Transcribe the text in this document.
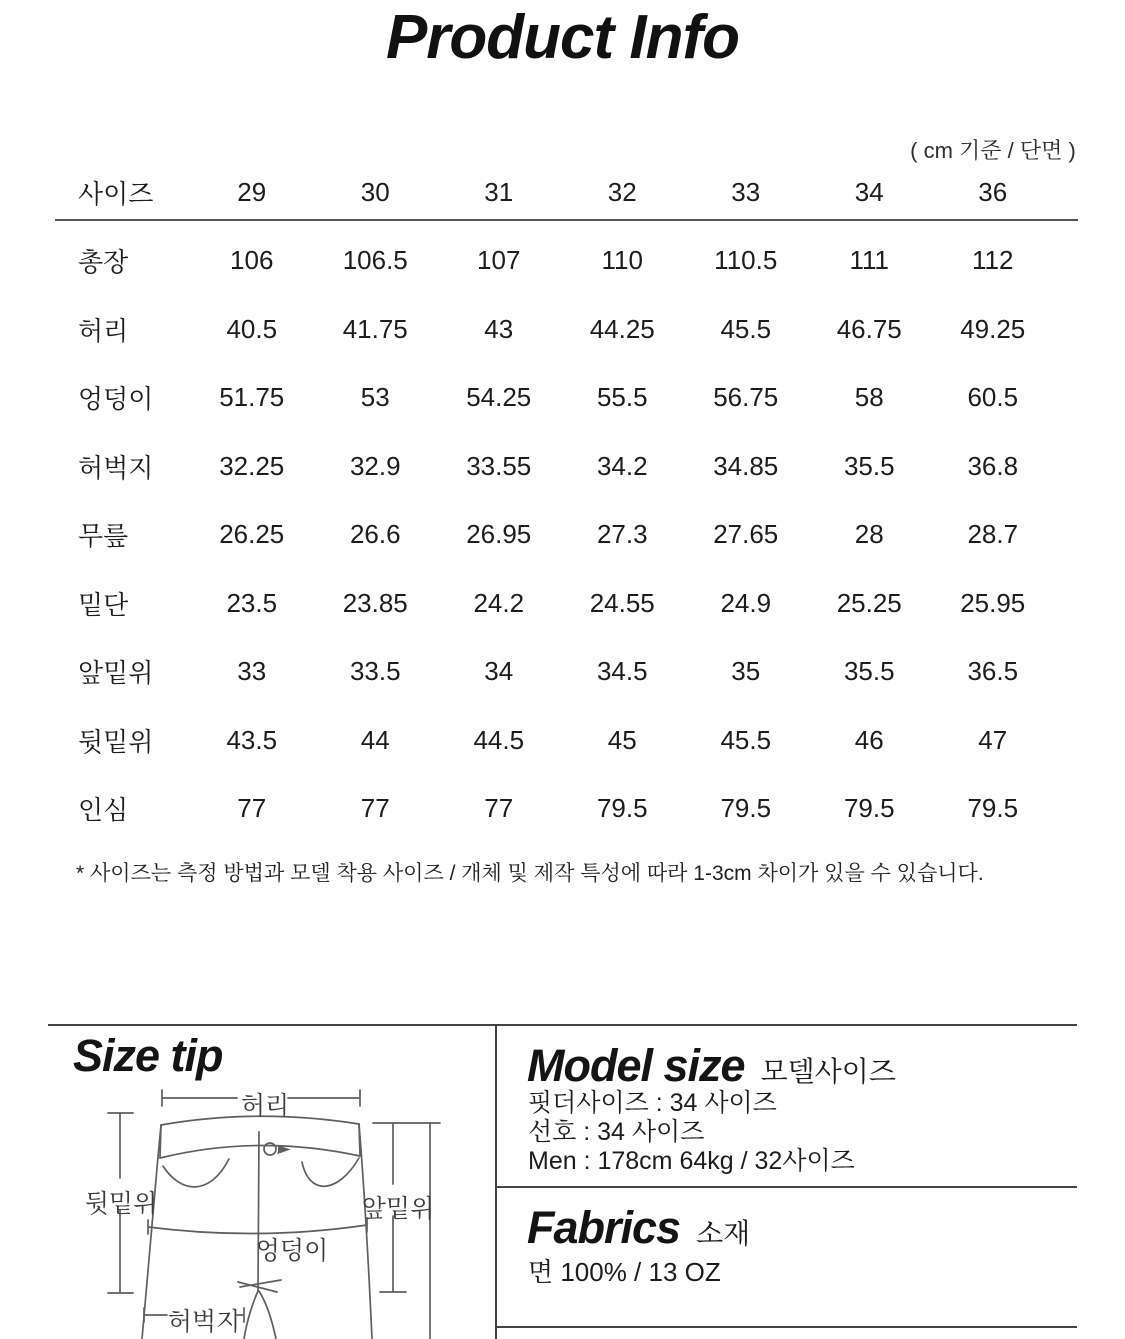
Product Info
( cm 기준 / 단면 )
사이즈	29	30	31	32	33	34	36
총장	106	106.5	107	110	110.5	111	112
허리	40.5	41.75	43	44.25	45.5	46.75	49.25
엉덩이	51.75	53	54.25	55.5	56.75	58	60.5
허벅지	32.25	32.9	33.55	34.2	34.85	35.5	36.8
무릎	26.25	26.6	26.95	27.3	27.65	28	28.7
밑단	23.5	23.85	24.2	24.55	24.9	25.25	25.95
앞밑위	33	33.5	34	34.5	35	35.5	36.5
뒷밑위	43.5	44	44.5	45	45.5	46	47
인심	77	77	77	79.5	79.5	79.5	79.5
* 사이즈는 측정 방법과 모델 착용 사이즈 / 개체 및 제작 특성에 따라 1-3cm 차이가 있을 수 있습니다.
Size tip
허리
뒷밑위	앞밑위
엉덩이
허벅지
Model size 모델사이즈
핏더사이즈 : 34 사이즈
선호 : 34 사이즈
Men : 178cm 64kg / 32사이즈
Fabrics 소재
면 100% / 13 OZ
